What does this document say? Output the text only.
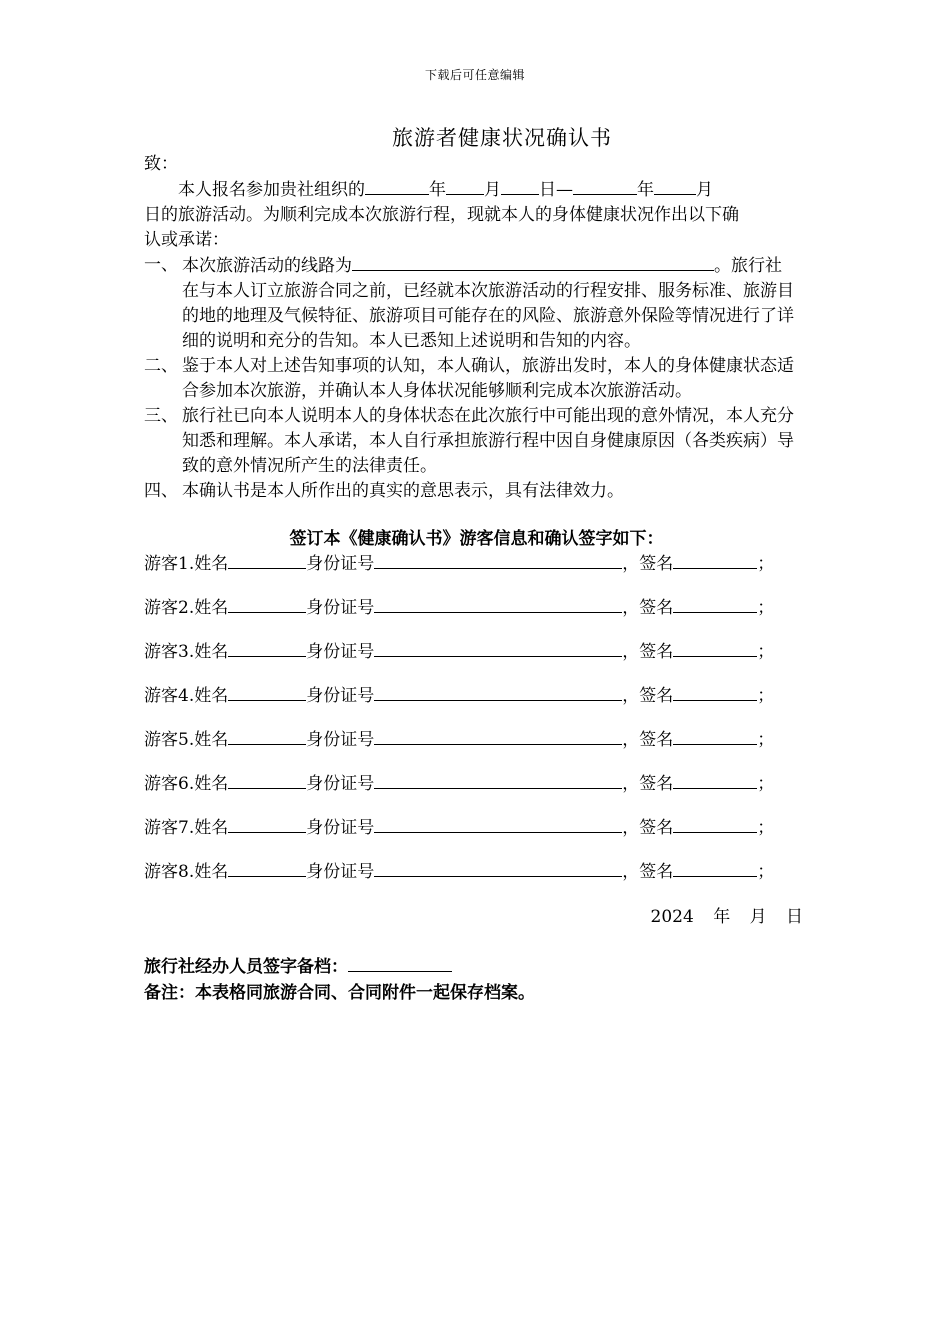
下载后可任意编辑
旅游者健康状况确认书
致：
本人报名参加贵社组织的	年 月 日—	年 月
日的旅游活动。为顺利完成本次旅游行程，现就本人的身体健康状况作出以下确
认或承诺：
一、 本次旅游活动的线路为	。旅行社
在与本人订立旅游合同之前，已经就本次旅游活动的行程安排、服务标准、旅游目的地的地理及气候特征、旅游项目可能存在的风险、旅游意外保险等情况进行了详细的说明和充分的告知。本人已悉知上述说明和告知的内容。
二、 鉴于本人对上述告知事项的认知，本人确认，旅游出发时，本人的身体健康状态适合参加本次旅游，并确认本人身体状况能够顺利完成本次旅游活动。
三、 旅行社已向本人说明本人的身体状态在此次旅行中可能出现的意外情况，本人充分知悉和理解。本人承诺，本人自行承担旅游行程中因自身健康原因（各类疾病）导致的意外情况所产生的法律责任。
四、 本确认书是本人所作出的真实的意思表示，具有法律效力。
签订本《健康确认书》游客信息和确认签字如下：
游客1.姓名	身份证号	，签名	；
游客2.姓名	身份证号	，签名	；
游客3.姓名	身份证号	，签名	；
游客4.姓名	身份证号	，签名	；
游客5.姓名	身份证号	，签名	；
游客6.姓名	身份证号	，签名	；
游客7.姓名	身份证号	，签名	；
游客8.姓名	身份证号	，签名	；
2024 年 月 日
旅行社经办人员签字备档：
备注：本表格同旅游合同、合同附件一起保存档案。
